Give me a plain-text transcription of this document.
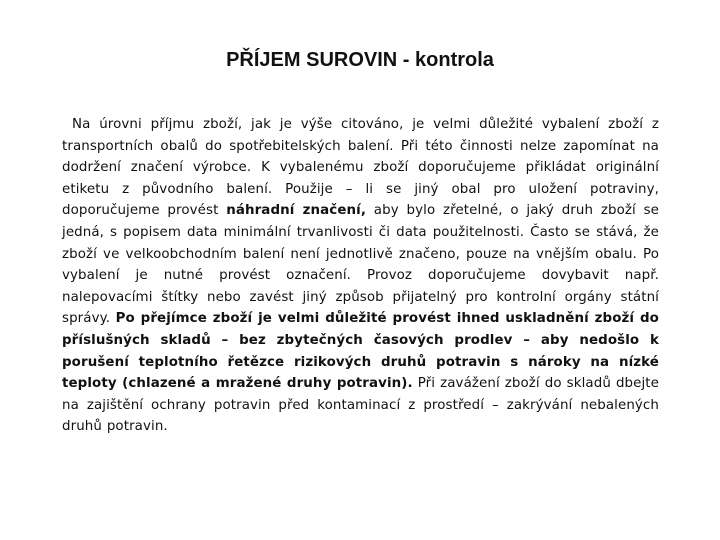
PŘÍJEM SUROVIN - kontrola

Na úrovni příjmu zboží, jak je výše citováno, je velmi důležité vybalení zboží z transportních obalů do spotřebitelských balení. Při této činnosti nelze zapomínat na dodržení značení výrobce. K vybalenému zboží doporučujeme přikládat originální etiketu z původního balení. Použije – li se jiný obal pro uložení potraviny, doporučujeme provést náhradní značení, aby bylo zřetelné, o jaký druh zboží se jedná, s popisem data minimální trvanlivosti či data použitelnosti. Často se stává, že zboží ve velkoobchodním balení není jednotlivě značeno, pouze na vnějším obalu. Po vybalení je nutné provést označení. Provoz doporučujeme dovybavit např. nalepovacími štítky nebo zavést jiný způsob přijatelný pro kontrolní orgány státní správy. Po přejímce zboží je velmi důležité provést ihned uskladnění zboží do příslušných skladů – bez zbytečných časových prodlev – aby nedošlo k porušení teplotního řetězce rizikových druhů potravin s nároky na nízké teploty (chlazené a mražené druhy potravin). Při zavážení zboží do skladů dbejte na zajištění ochrany potravin před kontaminací z prostředí – zakrývání nebalených druhů potravin.
